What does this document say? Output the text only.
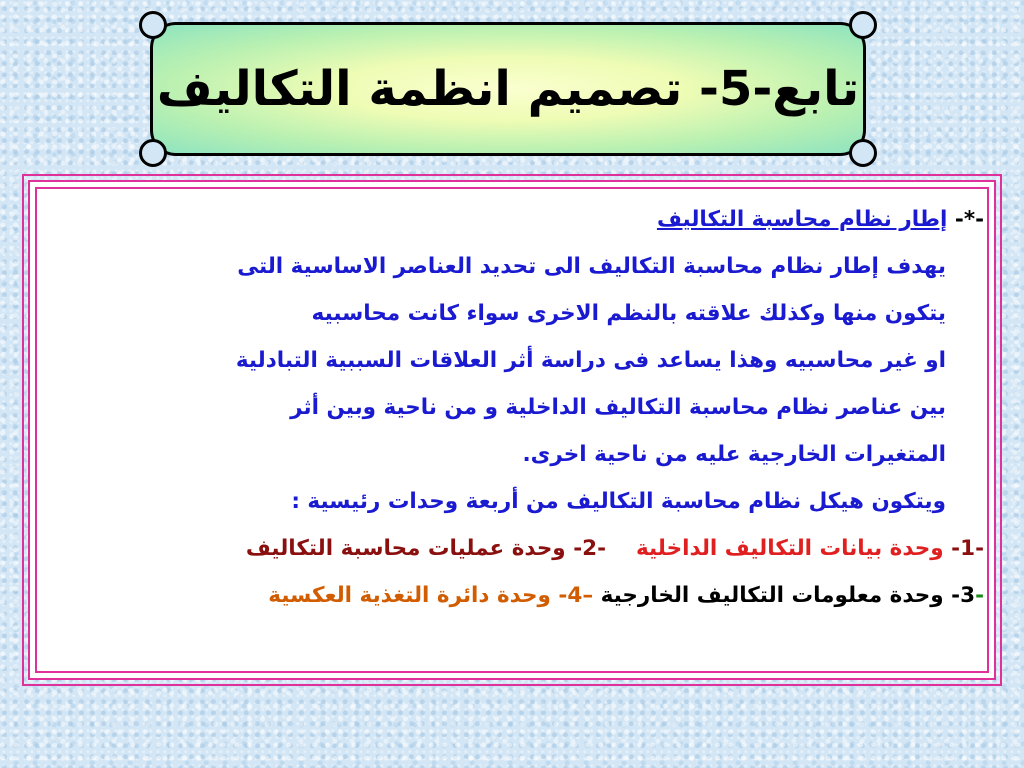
تابع-5- تصميم انظمة التكاليف
-*- إطار نظام محاسبة التكاليف
يهدف إطار نظام محاسبة التكاليف الى تحديد العناصر الاساسية التى
يتكون منها وكذلك علاقته بالنظم الاخرى سواء كانت محاسبيه
او غير محاسبيه وهذا يساعد فى دراسة أثر العلاقات السببية التبادلية
بين عناصر نظام محاسبة التكاليف الداخلية و من ناحية وبين أثر
المتغيرات الخارجية عليه من ناحية اخرى.
ويتكون هيكل نظام محاسبة التكاليف من أربعة وحدات رئيسية :
-1- وحدة بيانات التكاليف الداخلية    -2- وحدة عمليات محاسبة التكاليف
-3- وحدة معلومات التكاليف الخارجية –4- وحدة دائرة التغذية العكسية
